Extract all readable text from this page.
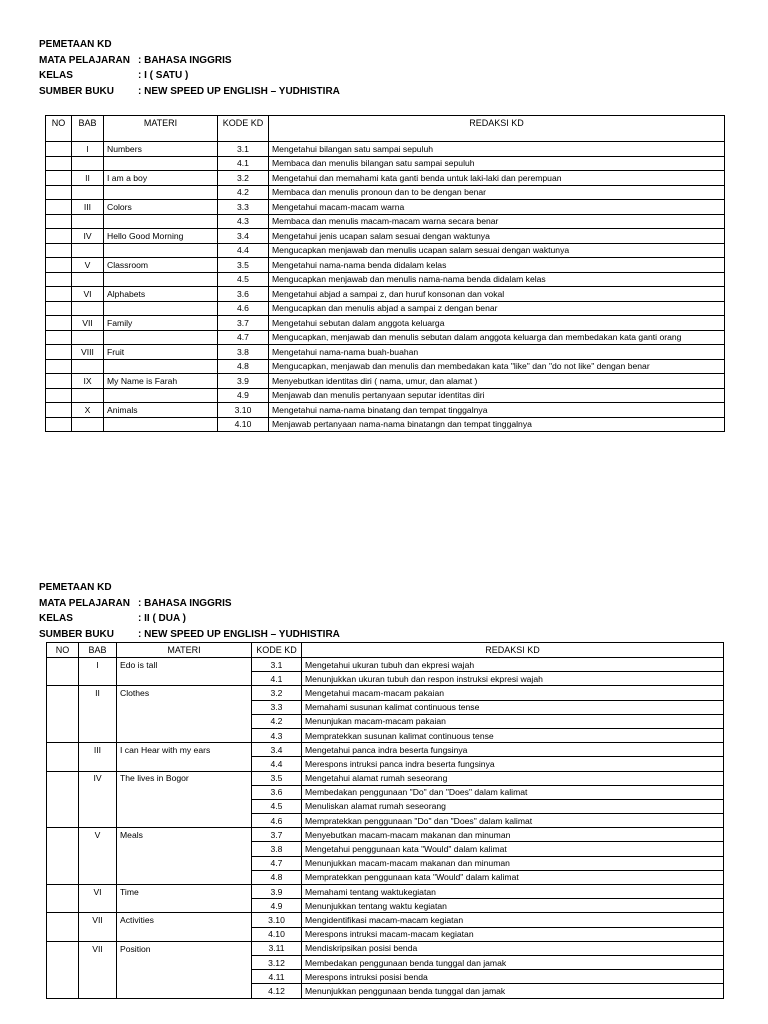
PEMETAAN KD
MATA PELAJARAN : BAHASA INGGRIS
KELAS	: I ( SATU )
SUMBER BUKU	: NEW SPEED UP ENGLISH – YUDHISTIRA
NO	BAB	MATERI	KODE KD	REDAKSI KD
	I	Numbers	3.1	Mengetahui bilangan satu sampai sepuluh
			4.1	Membaca dan menulis bilangan satu sampai sepuluh
	II	I am a boy	3.2	Mengetahui dan memahami kata ganti benda untuk laki-laki dan perempuan
			4.2	Membaca dan menulis pronoun dan to be dengan benar
	III	Colors	3.3	Mengetahui macam-macam warna
			4.3	Membaca dan menulis macam-macam warna secara benar
	IV	Hello Good Morning	3.4	Mengetahui jenis ucapan salam sesuai dengan waktunya
			4.4	Mengucapkan menjawab dan menulis ucapan salam sesuai dengan waktunya
	V	Classroom	3.5	Mengetahui nama-nama benda didalam kelas
			4.5	Mengucapkan menjawab dan menulis nama-nama benda didalam kelas
	VI	Alphabets	3.6	Mengetahui abjad a sampai z, dan huruf konsonan dan vokal
			4.6	Mengucapkan dan menulis abjad a sampai z dengan benar
	VII	Family	3.7	Mengetahui sebutan dalam anggota keluarga
			4.7	Mengucapkan, menjawab dan menulis sebutan dalam anggota keluarga dan membedakan kata ganti orang
	VIII	Fruit	3.8	Mengetahui nama-nama buah-buahan
			4.8	Mengucapkan, menjawab dan menulis dan membedakan kata "like" dan "do not like" dengan benar
	IX	My Name is Farah	3.9	Menyebutkan identitas diri ( nama, umur, dan alamat )
			4.9	Menjawab dan menulis pertanyaan seputar identitas diri
	X	Animals	3.10	Mengetahui nama-nama binatang dan tempat tinggalnya
			4.10	Menjawab pertanyaan nama-nama binatangn dan tempat tinggalnya
PEMETAAN KD
MATA PELAJARAN : BAHASA INGGRIS
KELAS	: II ( DUA )
SUMBER BUKU	: NEW SPEED UP ENGLISH – YUDHISTIRA
NO	BAB	MATERI	KODE KD	REDAKSI KD
	I	Edo is tall	3.1	Mengetahui ukuran tubuh dan ekpresi wajah
			4.1	Menunjukkan ukuran tubuh dan respon instruksi ekpresi wajah
	II	Clothes	3.2	Mengetahui macam-macam pakaian
			3.3	Memahami susunan kalimat continuous tense
			4.2	Menunjukan macam-macam pakaian
			4.3	Mempratekkan susunan kalimat continuous tense
	III	I can Hear with my ears	3.4	Mengetahui panca indra beserta fungsinya
			4.4	Merespons intruksi panca indra beserta fungsinya
	IV	The lives in Bogor	3.5	Mengetahui alamat rumah seseorang
			3.6	Membedakan penggunaan "Do" dan "Does" dalam kalimat
			4.5	Menuliskan alamat rumah seseorang
			4.6	Mempratekkan penggunaan "Do" dan "Does" dalam kalimat
	V	Meals	3.7	Menyebutkan macam-macam makanan dan minuman
			3.8	Mengetahui penggunaan kata "Would" dalam kalimat
			4.7	Menunjukkan macam-macam makanan dan minuman
			4.8	Mempratekkan penggunaan kata "Would" dalam kalimat
	VI	Time	3.9	Memahami tentang waktukegiatan
			4.9	Menunjukkan tentang waktu kegiatan
	VII	Activities	3.10	Mengidentifikasi macam-macam kegiatan
			4.10	Merespons intruksi macam-macam kegiatan
	VII	Position	3.11	Mendiskripsikan posisi benda
			3.12	Membedakan penggunaan benda tunggal dan jamak
			4.11	Merespons intruksi posisi benda
			4.12	Menunjukkan penggunaan benda tunggal dan jamak
